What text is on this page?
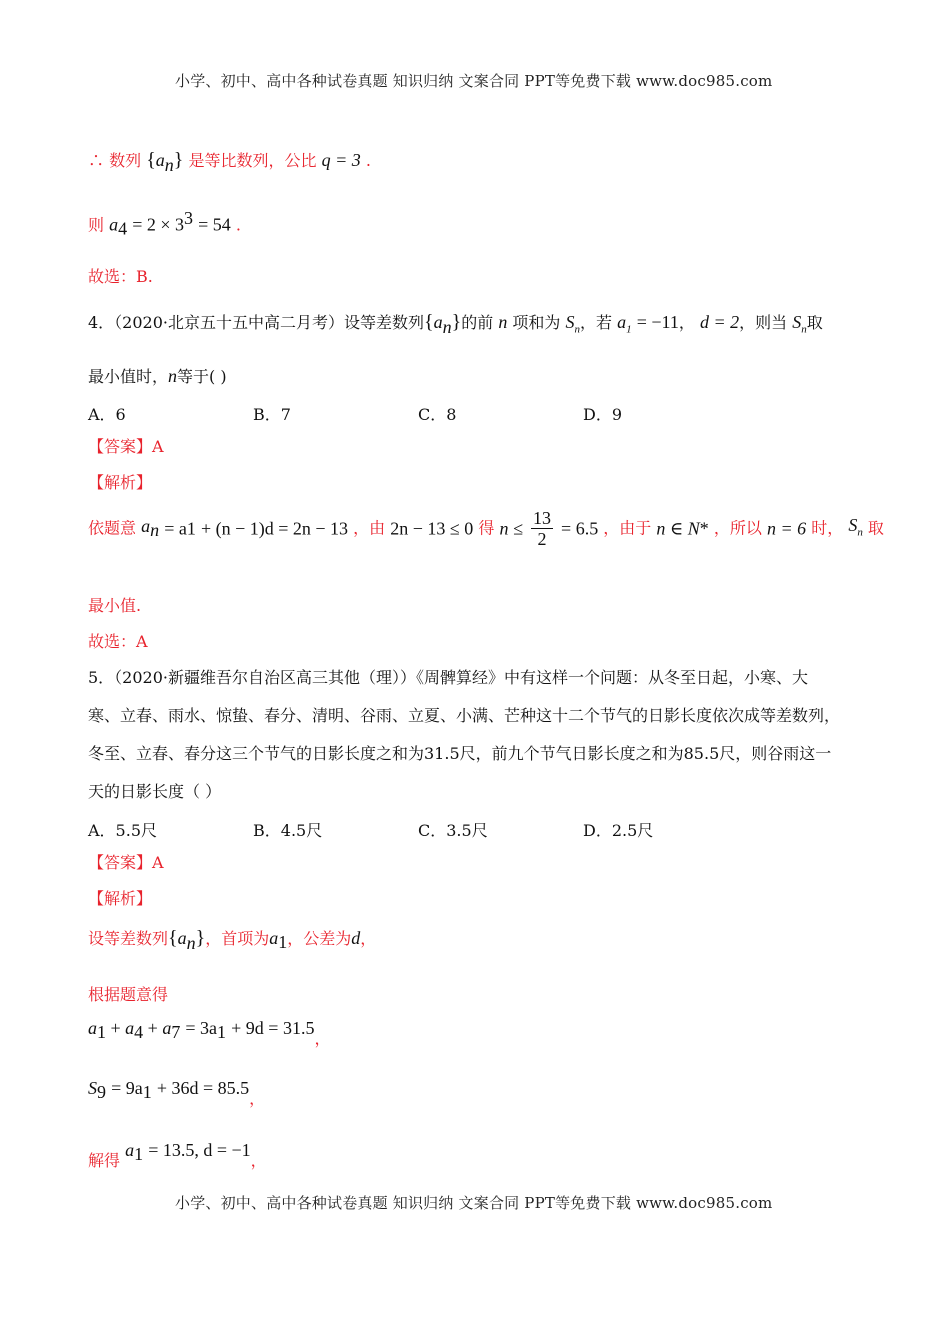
小学、初中、高中各种试卷真题 知识归纳 文案合同 PPT等免费下载 www.doc985.com
∴ 数列 $\{a_n\}$ 是等比数列，公比 q = 3 .
则 $a_4 = 2 \times 3^3 = 54$ .
故选：B.
4．（2020·北京五十五中高二月考）设等差数列$\{a_n\}$的前 n 项和为 $S_n$，若 $a_1 = -11$， d = 2，则当 $S_n$取
最小值时，n等于( )
A．6	B．7	C．8	D．9
【答案】A
【解析】
依题意 $a_n = a1 + (n - 1)d = 2n - 13$ ，由 2n − 13 ≤ 0 得 $n \le \frac{13}{2} = 6.5$ ，由于 n ∈ N* ，所以 n = 6 时， $S_n$ 取
最小值.
故选：A
5．（2020·新疆维吾尔自治区高三其他（理））《周髀算经》中有这样一个问题：从冬至日起，小寒、大
寒、立春、雨水、惊蛰、春分、清明、谷雨、立夏、小满、芒种这十二个节气的日影长度依次成等差数列，
冬至、立春、春分这三个节气的日影长度之和为31.5尺，前九个节气日影长度之和为85.5尺，则谷雨这一
天的日影长度（ ）
A．5.5尺	B．4.5尺	C．3.5尺	D．2.5尺
【答案】A
【解析】
设等差数列$\{a_n\}$，首项为$a_1$，公差为d，
根据题意得
$a_1 + a_4 + a_7 = 3a_1 + 9d = 31.5$，
$S_9 = 9a_1 + 36d = 85.5$，
解得 $a_1 = 13.5$, d = −1，
小学、初中、高中各种试卷真题 知识归纳 文案合同 PPT等免费下载 www.doc985.com
